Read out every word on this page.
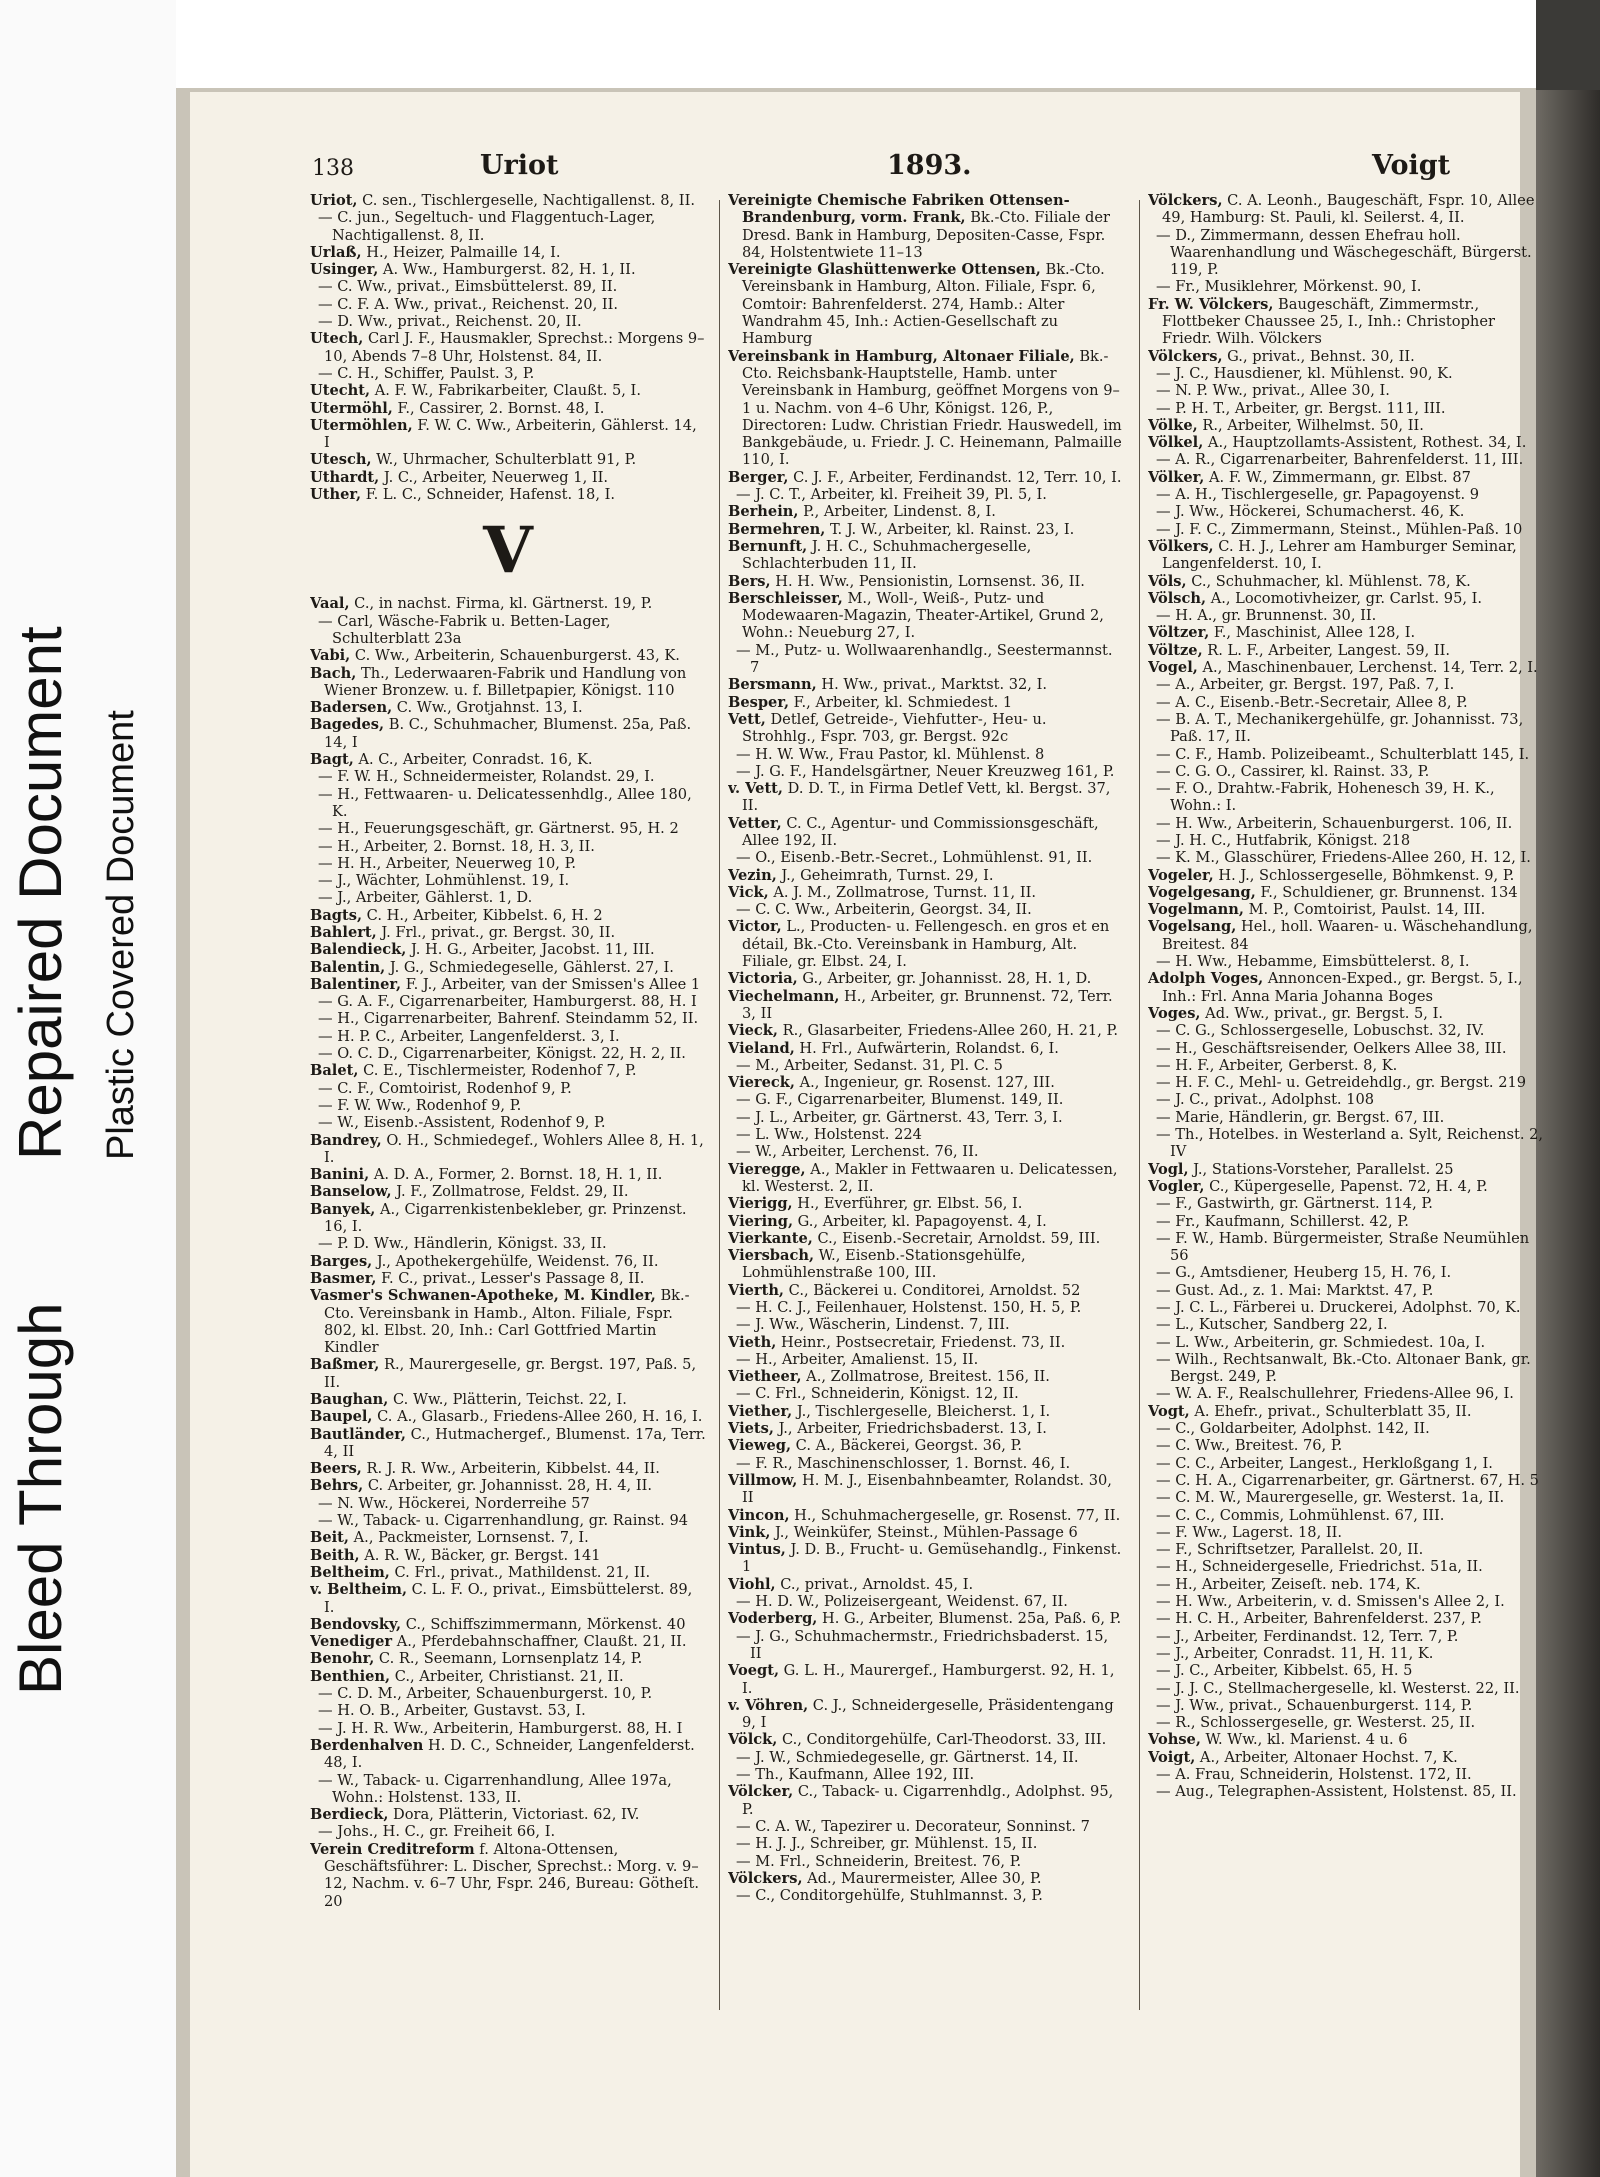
Bleed Through
Repaired Document Plastic Covered Document
138	Uriot	1893.	Voigt

Uriot, C. sen., Tischlergeselle, Nachtigallenst. 8, II.

— C. jun., Segeltuch- und Flaggentuch-Lager, Nachtigallenst. 8, II.

Urlaß, H., Heizer, Palmaille 14, I.

Usinger, A. Ww., Hamburgerst. 82, H. 1, II.

— C. Ww., privat., Eimsbüttelerst. 89, II.

— C. F. A. Ww., privat., Reichenst. 20, II.

— D. Ww., privat., Reichenst. 20, II.

Utech, Carl J. F., Hausmakler, Sprechst.: Morgens 9–10, Abends 7–8 Uhr, Holstenst. 84, II.

— C. H., Schiffer, Paulst. 3, P.

Utecht, A. F. W., Fabrikarbeiter, Claußt. 5, I.

Utermöhl, F., Cassirer, 2. Bornst. 48, I.

Utermöhlen, F. W. C. Ww., Arbeiterin, Gählerst. 14, I

Utesch, W., Uhrmacher, Schulterblatt 91, P.

Uthardt, J. C., Arbeiter, Neuerweg 1, II.

Uther, F. L. C., Schneider, Hafenst. 18, I.

V

Vaal, C., in nachst. Firma, kl. Gärtnerst. 19, P.

— Carl, Wäsche-Fabrik u. Betten-Lager, Schulterblatt 23a

Vabi, C. Ww., Arbeiterin, Schauenburgerst. 43, K.

Bach, Th., Lederwaaren-Fabrik und Handlung von Wiener Bronzew. u. f. Billetpapier, Königst. 110

Badersen, C. Ww., Grotjahnst. 13, I.

Bagedes, B. C., Schuhmacher, Blumenst. 25a, Paß. 14, I

Bagt, A. C., Arbeiter, Conradst. 16, K.

— F. W. H., Schneidermeister, Rolandst. 29, I.

— H., Fettwaaren- u. Delicatessenhdlg., Allee 180, K.

— H., Feuerungsgeschäft, gr. Gärtnerst. 95, H. 2

— H., Arbeiter, 2. Bornst. 18, H. 3, II.

— H. H., Arbeiter, Neuerweg 10, P.

— J., Wächter, Lohmühlenst. 19, I.

— J., Arbeiter, Gählerst. 1, D.

Bagts, C. H., Arbeiter, Kibbelst. 6, H. 2

Bahlert, J. Frl., privat., gr. Bergst. 30, II.

Balendieck, J. H. G., Arbeiter, Jacobst. 11, III.

Balentin, J. G., Schmiedegeselle, Gählerst. 27, I.

Balentiner, F. J., Arbeiter, van der Smissen's Allee 1

— G. A. F., Cigarrenarbeiter, Hamburgerst. 88, H. I

— H., Cigarrenarbeiter, Bahrenf. Steindamm 52, II.

— H. P. C., Arbeiter, Langenfelderst. 3, I.

— O. C. D., Cigarrenarbeiter, Königst. 22, H. 2, II.

Balet, C. E., Tischlermeister, Rodenhof 7, P.

— C. F., Comtoirist, Rodenhof 9, P.

— F. W. Ww., Rodenhof 9, P.

— W., Eisenb.-Assistent, Rodenhof 9, P.

Bandrey, O. H., Schmiedegef., Wohlers Allee 8, H. 1, I.

Banini, A. D. A., Former, 2. Bornst. 18, H. 1, II.

Banselow, J. F., Zollmatrose, Feldst. 29, II.

Banyek, A., Cigarrenkistenbekleber, gr. Prinzenst. 16, I.

— P. D. Ww., Händlerin, Königst. 33, II.

Barges, J., Apothekergehülfe, Weidenst. 76, II.

Basmer, F. C., privat., Lesser's Passage 8, II.

Vasmer's Schwanen-Apotheke, M. Kindler, Bk.-Cto. Vereinsbank in Hamb., Alton. Filiale, Fspr. 802, kl. Elbst. 20, Inh.: Carl Gottfried Martin Kindler

Baßmer, R., Maurergeselle, gr. Bergst. 197, Paß. 5, II.

Baughan, C. Ww., Plätterin, Teichst. 22, I.

Baupel, C. A., Glasarb., Friedens-Allee 260, H. 16, I.

Bautländer, C., Hutmachergef., Blumenst. 17a, Terr. 4, II

Beers, R. J. R. Ww., Arbeiterin, Kibbelst. 44, II.

Behrs, C. Arbeiter, gr. Johannisst. 28, H. 4, II.

— N. Ww., Höckerei, Norderreihe 57

— W., Taback- u. Cigarrenhandlung, gr. Rainst. 94

Beit, A., Packmeister, Lornsenst. 7, I.

Beith, A. R. W., Bäcker, gr. Bergst. 141

Beltheim, C. Frl., privat., Mathildenst. 21, II.

v. Beltheim, C. L. F. O., privat., Eimsbüttelerst. 89, I.

Bendovsky, C., Schiffszimmermann, Mörkenst. 40

Venediger A., Pferdebahnschaffner, Claußt. 21, II.

Benohr, C. R., Seemann, Lornsenplatz 14, P.

Benthien, C., Arbeiter, Christianst. 21, II.

— C. D. M., Arbeiter, Schauenburgerst. 10, P.

— H. O. B., Arbeiter, Gustavst. 53, I.

— J. H. R. Ww., Arbeiterin, Hamburgerst. 88, H. I

Berdenhalven H. D. C., Schneider, Langenfelderst. 48, I.

— W., Taback- u. Cigarrenhandlung, Allee 197a, Wohn.: Holstenst. 133, II.

Berdieck, Dora, Plätterin, Victoriast. 62, IV.

— Johs., H. C., gr. Freiheit 66, I.

Verein Creditreform f. Altona-Ottensen, Geschäftsführer: L. Discher, Sprechst.: Morg. v. 9–12, Nachm. v. 6–7 Uhr, Fspr. 246, Bureau: Götheſt. 20

Vereinigte Chemische Fabriken Ottensen-Brandenburg, vorm. Frank, Bk.-Cto. Filiale der Dresd. Bank in Hamburg, Depositen-Casse, Fspr. 84, Holstentwiete 11–13

Vereinigte Glashüttenwerke Ottensen, Bk.-Cto. Vereinsbank in Hamburg, Alton. Filiale, Fspr. 6, Comtoir: Bahrenfelderst. 274, Hamb.: Alter Wandrahm 45, Inh.: Actien-Gesellschaft zu Hamburg

Vereinsbank in Hamburg, Altonaer Filiale, Bk.-Cto. Reichsbank-Hauptstelle, Hamb. unter Vereinsbank in Hamburg, geöffnet Morgens von 9–1 u. Nachm. von 4–6 Uhr, Königst. 126, P., Directoren: Ludw. Christian Friedr. Hauswedell, im Bankgebäude, u. Friedr. J. C. Heinemann, Palmaille 110, I.

Berger, C. J. F., Arbeiter, Ferdinandst. 12, Terr. 10, I.

— J. C. T., Arbeiter, kl. Freiheit 39, Pl. 5, I.

Berhein, P., Arbeiter, Lindenst. 8, I.

Bermehren, T. J. W., Arbeiter, kl. Rainst. 23, I.

Bernunft, J. H. C., Schuhmachergeselle, Schlachterbuden 11, II.

Bers, H. H. Ww., Pensionistin, Lornsenst. 36, II.

Berschleisser, M., Woll-, Weiß-, Putz- und Modewaaren-Magazin, Theater-Artikel, Grund 2, Wohn.: Neueburg 27, I.

— M., Putz- u. Wollwaarenhandlg., Seestermannst. 7

Bersmann, H. Ww., privat., Marktst. 32, I.

Besper, F., Arbeiter, kl. Schmiedest. 1

Vett, Detlef, Getreide-, Viehfutter-, Heu- u. Strohhlg., Fspr. 703, gr. Bergst. 92c

— H. W. Ww., Frau Pastor, kl. Mühlenst. 8

— J. G. F., Handelsgärtner, Neuer Kreuzweg 161, P.

v. Vett, D. D. T., in Firma Detlef Vett, kl. Bergst. 37, II.

Vetter, C. C., Agentur- und Commissionsgeschäft, Allee 192, II.

— O., Eisenb.-Betr.-Secret., Lohmühlenst. 91, II.

Vezin, J., Geheimrath, Turnst. 29, I.

Vick, A. J. M., Zollmatrose, Turnst. 11, II.

— C. C. Ww., Arbeiterin, Georgst. 34, II.

Victor, L., Producten- u. Fellengesch. en gros et en détail, Bk.-Cto. Vereinsbank in Hamburg, Alt. Filiale, gr. Elbst. 24, I.

Victoria, G., Arbeiter, gr. Johannisst. 28, H. 1, D.

Viechelmann, H., Arbeiter, gr. Brunnenst. 72, Terr. 3, II

Vieck, R., Glasarbeiter, Friedens-Allee 260, H. 21, P.

Vieland, H. Frl., Aufwärterin, Rolandst. 6, I.

— M., Arbeiter, Sedanst. 31, Pl. C. 5

Viereck, A., Ingenieur, gr. Rosenst. 127, III.

— G. F., Cigarrenarbeiter, Blumenst. 149, II.

— J. L., Arbeiter, gr. Gärtnerst. 43, Terr. 3, I.

— L. Ww., Holstenst. 224

— W., Arbeiter, Lerchenst. 76, II.

Vieregge, A., Makler in Fettwaaren u. Delicatessen, kl. Westerst. 2, II.

Vierigg, H., Everführer, gr. Elbst. 56, I.

Viering, G., Arbeiter, kl. Papagoyenst. 4, I.

Vierkante, C., Eisenb.-Secretair, Arnoldst. 59, III.

Viersbach, W., Eisenb.-Stationsgehülfe, Lohmühlenstraße 100, III.

Vierth, C., Bäckerei u. Conditorei, Arnoldst. 52

— H. C. J., Feilenhauer, Holstenst. 150, H. 5, P.

— J. Ww., Wäscherin, Lindenst. 7, III.

Vieth, Heinr., Postsecretair, Friedenst. 73, II.

— H., Arbeiter, Amalienst. 15, II.

Vietheer, A., Zollmatrose, Breitest. 156, II.

— C. Frl., Schneiderin, Königst. 12, II.

Viether, J., Tischlergeselle, Bleicherst. 1, I.

Viets, J., Arbeiter, Friedrichsbaderst. 13, I.

Vieweg, C. A., Bäckerei, Georgst. 36, P.

— F. R., Maschinenschlosser, 1. Bornst. 46, I.

Villmow, H. M. J., Eisenbahnbeamter, Rolandst. 30, II

Vincon, H., Schuhmachergeselle, gr. Rosenst. 77, II.

Vink, J., Weinküfer, Steinst., Mühlen-Passage 6

Vintus, J. D. B., Frucht- u. Gemüsehandlg., Finkenst. 1

Viohl, C., privat., Arnoldst. 45, I.

— H. D. W., Polizeisergeant, Weidenst. 67, II.

Voderberg, H. G., Arbeiter, Blumenst. 25a, Paß. 6, P.

— J. G., Schuhmachermstr., Friedrichsbaderst. 15, II

Voegt, G. L. H., Maurergef., Hamburgerst. 92, H. 1, I.

v. Vöhren, C. J., Schneidergeselle, Präsidentengang 9, I

Völck, C., Conditorgehülfe, Carl-Theodorst. 33, III.

— J. W., Schmiedegeselle, gr. Gärtnerst. 14, II.

— Th., Kaufmann, Allee 192, III.

Völcker, C., Taback- u. Cigarrenhdlg., Adolphst. 95, P.

— C. A. W., Tapezirer u. Decorateur, Sonninst. 7

— H. J. J., Schreiber, gr. Mühlenst. 15, II.

— M. Frl., Schneiderin, Breitest. 76, P.

Völckers, Ad., Maurermeister, Allee 30, P.

— C., Conditorgehülfe, Stuhlmannst. 3, P.

Völckers, C. A. Leonh., Baugeschäft, Fspr. 10, Allee 49, Hamburg: St. Pauli, kl. Seilerst. 4, II.

— D., Zimmermann, dessen Ehefrau holl. Waarenhandlung und Wäschegeschäft, Bürgerst. 119, P.

— Fr., Musiklehrer, Mörkenst. 90, I.

Fr. W. Völckers, Baugeschäft, Zimmermstr., Flottbeker Chaussee 25, I., Inh.: Christopher Friedr. Wilh. Völckers

Völckers, G., privat., Behnst. 30, II.

— J. C., Hausdiener, kl. Mühlenst. 90, K.

— N. P. Ww., privat., Allee 30, I.

— P. H. T., Arbeiter, gr. Bergst. 111, III.

Völke, R., Arbeiter, Wilhelmst. 50, II.

Völkel, A., Hauptzollamts-Assistent, Rothest. 34, I.

— A. R., Cigarrenarbeiter, Bahrenfelderst. 11, III.

Völker, A. F. W., Zimmermann, gr. Elbst. 87

— A. H., Tischlergeselle, gr. Papagoyenst. 9

— J. Ww., Höckerei, Schumacherst. 46, K.

— J. F. C., Zimmermann, Steinst., Mühlen-Paß. 10

Völkers, C. H. J., Lehrer am Hamburger Seminar, Langenfelderst. 10, I.

Völs, C., Schuhmacher, kl. Mühlenst. 78, K.

Völsch, A., Locomotivheizer, gr. Carlst. 95, I.

— H. A., gr. Brunnenst. 30, II.

Völtzer, F., Maschinist, Allee 128, I.

Völtze, R. L. F., Arbeiter, Langest. 59, II.

Vogel, A., Maschinenbauer, Lerchenst. 14, Terr. 2, I.

— A., Arbeiter, gr. Bergst. 197, Paß. 7, I.

— A. C., Eisenb.-Betr.-Secretair, Allee 8, P.

— B. A. T., Mechanikergehülfe, gr. Johannisst. 73, Paß. 17, II.

— C. F., Hamb. Polizeibeamt., Schulterblatt 145, I.

— C. G. O., Cassirer, kl. Rainst. 33, P.

— F. O., Drahtw.-Fabrik, Hohenesch 39, H. K., Wohn.: I.

— H. Ww., Arbeiterin, Schauenburgerst. 106, II.

— J. H. C., Hutfabrik, Königst. 218

— K. M., Glasschürer, Friedens-Allee 260, H. 12, I.

Vogeler, H. J., Schlossergeselle, Böhmkenst. 9, P.

Vogelgesang, F., Schuldiener, gr. Brunnenst. 134

Vogelmann, M. P., Comtoirist, Paulst. 14, III.

Vogelsang, Hel., holl. Waaren- u. Wäschehandlung, Breitest. 84

— H. Ww., Hebamme, Eimsbüttelerst. 8, I.

Adolph Voges, Annoncen-Exped., gr. Bergst. 5, I., Inh.: Frl. Anna Maria Johanna Boges

Voges, Ad. Ww., privat., gr. Bergst. 5, I.

— C. G., Schlossergeselle, Lobuschst. 32, IV.

— H., Geschäftsreisender, Oelkers Allee 38, III.

— H. F., Arbeiter, Gerberst. 8, K.

— H. F. C., Mehl- u. Getreidehdlg., gr. Bergst. 219

— J. C., privat., Adolphst. 108

— Marie, Händlerin, gr. Bergst. 67, III.

— Th., Hotelbes. in Westerland a. Sylt, Reichenst. 2, IV

Vogl, J., Stations-Vorsteher, Parallelst. 25

Vogler, C., Küpergeselle, Papenst. 72, H. 4, P.

— F., Gastwirth, gr. Gärtnerst. 114, P.

— Fr., Kaufmann, Schillerst. 42, P.

— F. W., Hamb. Bürgermeister, Straße Neumühlen 56

— G., Amtsdiener, Heuberg 15, H. 76, I.

— Gust. Ad., z. 1. Mai: Marktst. 47, P.

— J. C. L., Färberei u. Druckerei, Adolphst. 70, K.

— L., Kutscher, Sandberg 22, I.

— L. Ww., Arbeiterin, gr. Schmiedest. 10a, I.

— Wilh., Rechtsanwalt, Bk.-Cto. Altonaer Bank, gr. Bergst. 249, P.

— W. A. F., Realschullehrer, Friedens-Allee 96, I.

Vogt, A. Ehefr., privat., Schulterblatt 35, II.

— C., Goldarbeiter, Adolphst. 142, II.

— C. Ww., Breitest. 76, P.

— C. C., Arbeiter, Langest., Herkloßgang 1, I.

— C. H. A., Cigarrenarbeiter, gr. Gärtnerst. 67, H. 5

— C. M. W., Maurergeselle, gr. Westerst. 1a, II.

— C. C., Commis, Lohmühlenst. 67, III.

— F. Ww., Lagerst. 18, II.

— F., Schriftsetzer, Parallelst. 20, II.

— H., Schneidergeselle, Friedrichst. 51a, II.

— H., Arbeiter, Zeiseſt. neb. 174, K.

— H. Ww., Arbeiterin, v. d. Smissen's Allee 2, I.

— H. C. H., Arbeiter, Bahrenfelderst. 237, P.

— J., Arbeiter, Ferdinandst. 12, Terr. 7, P.

— J., Arbeiter, Conradst. 11, H. 11, K.

— J. C., Arbeiter, Kibbelst. 65, H. 5

— J. J. C., Stellmachergeselle, kl. Westerst. 22, II.

— J. Ww., privat., Schauenburgerst. 114, P.

— R., Schlossergeselle, gr. Westerst. 25, II.

Vohse, W. Ww., kl. Marienst. 4 u. 6

Voigt, A., Arbeiter, Altonaer Hochst. 7, K.

— A. Frau, Schneiderin, Holstenst. 172, II.

— Aug., Telegraphen-Assistent, Holstenst. 85, II.
